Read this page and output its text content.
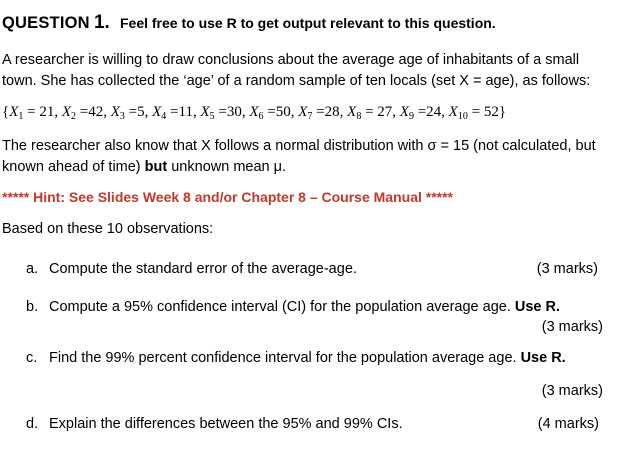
QUESTION 1. Feel free to use R to get output relevant to this question.
A researcher is willing to draw conclusions about the average age of inhabitants of a small
town. She has collected the ‘age’ of a random sample of ten locals (set X = age), as follows:
{$X_1 = 21$, $X_2 =42$, $X_3 =5$, $X_4 =11$, $X_5 =30$, $X_6 =50$, $X_7 =28$, $X_8 = 27$, $X_9 =24$, $X_{10} = 52$}
The researcher also know that X follows a normal distribution with σ = 15 (not calculated, but
known ahead of time) but unknown mean μ.
***** Hint: See Slides Week 8 and/or Chapter 8 – Course Manual *****
Based on these 10 observations:
a. Compute the standard error of the average-age.	(3 marks)
b. Compute a 95% confidence interval (CI) for the population average age. Use R.
(3 marks)
c. Find the 99% percent confidence interval for the population average age. Use R.
(3 marks)
d. Explain the differences between the 95% and 99% CIs.	(4 marks)
